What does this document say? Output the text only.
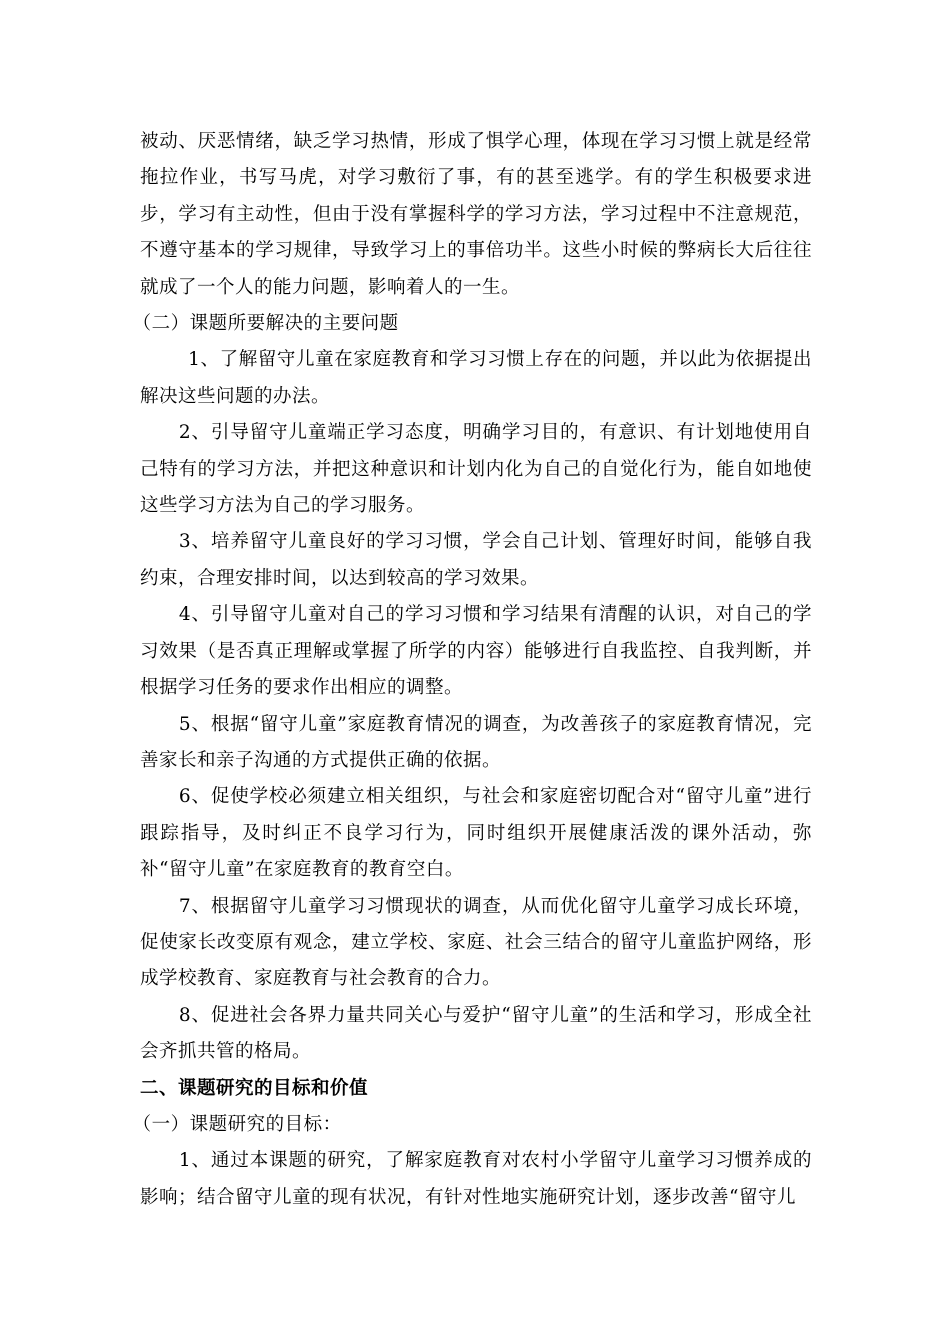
被动、厌恶情绪，缺乏学习热情，形成了惧学心理，体现在学习习惯上就是经常拖拉作业，书写马虎，对学习敷衍了事，有的甚至逃学。有的学生积极要求进步，学习有主动性，但由于没有掌握科学的学习方法，学习过程中不注意规范，不遵守基本的学习规律，导致学习上的事倍功半。这些小时候的弊病长大后往往就成了一个人的能力问题，影响着人的一生。

（二）课题所要解决的主要问题

1、了解留守儿童在家庭教育和学习习惯上存在的问题，并以此为依据提出解决这些问题的办法。

2、引导留守儿童端正学习态度，明确学习目的，有意识、有计划地使用自己特有的学习方法，并把这种意识和计划内化为自己的自觉化行为，能自如地使这些学习方法为自己的学习服务。

3、培养留守儿童良好的学习习惯，学会自己计划、管理好时间，能够自我约束，合理安排时间，以达到较高的学习效果。

4、引导留守儿童对自己的学习习惯和学习结果有清醒的认识，对自己的学习效果（是否真正理解或掌握了所学的内容）能够进行自我监控、自我判断，并根据学习任务的要求作出相应的调整。

5、根据“留守儿童”家庭教育情况的调查，为改善孩子的家庭教育情况，完善家长和亲子沟通的方式提供正确的依据。

6、促使学校必须建立相关组织，与社会和家庭密切配合对“留守儿童”进行跟踪指导，及时纠正不良学习行为，同时组织开展健康活泼的课外活动，弥补“留守儿童”在家庭教育的教育空白。

7、根据留守儿童学习习惯现状的调查，从而优化留守儿童学习成长环境，促使家长改变原有观念，建立学校、家庭、社会三结合的留守儿童监护网络，形成学校教育、家庭教育与社会教育的合力。

8、促进社会各界力量共同关心与爱护“留守儿童”的生活和学习，形成全社会齐抓共管的格局。

二、课题研究的目标和价值

（一）课题研究的目标：

1、通过本课题的研究，了解家庭教育对农村小学留守儿童学习习惯养成的影响；结合留守儿童的现有状况，有针对性地实施研究计划，逐步改善“留守儿
